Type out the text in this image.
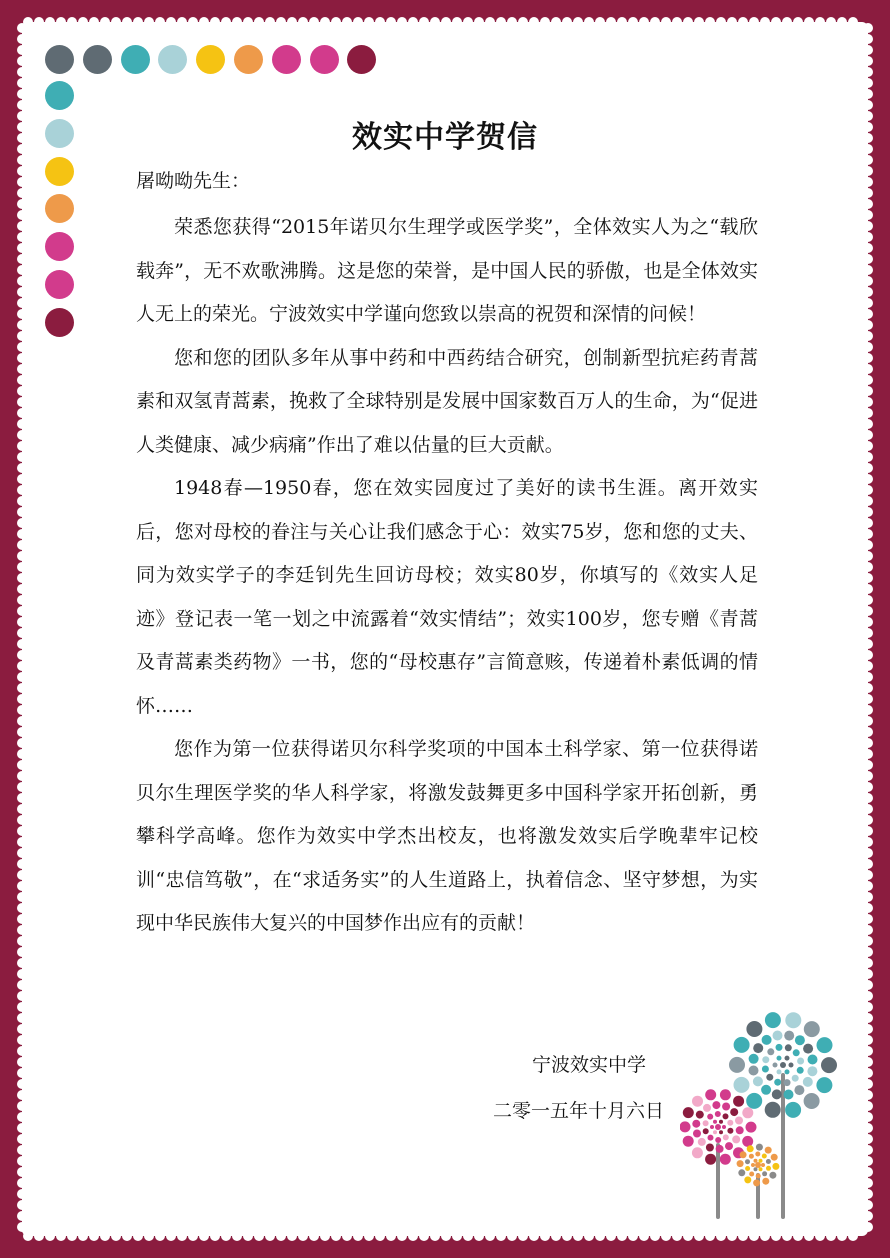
效实中学贺信
屠呦呦先生：

荣悉您获得“2015年诺贝尔生理学或医学奖”，全体效实人为之“载欣载奔”，无不欢歌沸腾。这是您的荣誉，是中国人民的骄傲，也是全体效实人无上的荣光。宁波效实中学谨向您致以崇高的祝贺和深情的问候！

您和您的团队多年从事中药和中西药结合研究，创制新型抗疟药青蒿素和双氢青蒿素，挽救了全球特别是发展中国家数百万人的生命，为“促进人类健康、减少病痛”作出了难以估量的巨大贡献。

1948春—1950春，您在效实园度过了美好的读书生涯。离开效实后，您对母校的眷注与关心让我们感念于心：效实75岁，您和您的丈夫、同为效实学子的李廷钊先生回访母校；效实80岁，你填写的《效实人足迹》登记表一笔一划之中流露着“效实情结”；效实100岁，您专赠《青蒿及青蒿素类药物》一书，您的“母校惠存”言简意赅，传递着朴素低调的情怀……

您作为第一位获得诺贝尔科学奖项的中国本土科学家、第一位获得诺贝尔生理医学奖的华人科学家，将激发鼓舞更多中国科学家开拓创新，勇攀科学高峰。您作为效实中学杰出校友，也将激发效实后学晚辈牢记校训“忠信笃敬”，在“求适务实”的人生道路上，执着信念、坚守梦想，为实现中华民族伟大复兴的中国梦作出应有的贡献！

宁波效实中学
二零一五年十月六日
